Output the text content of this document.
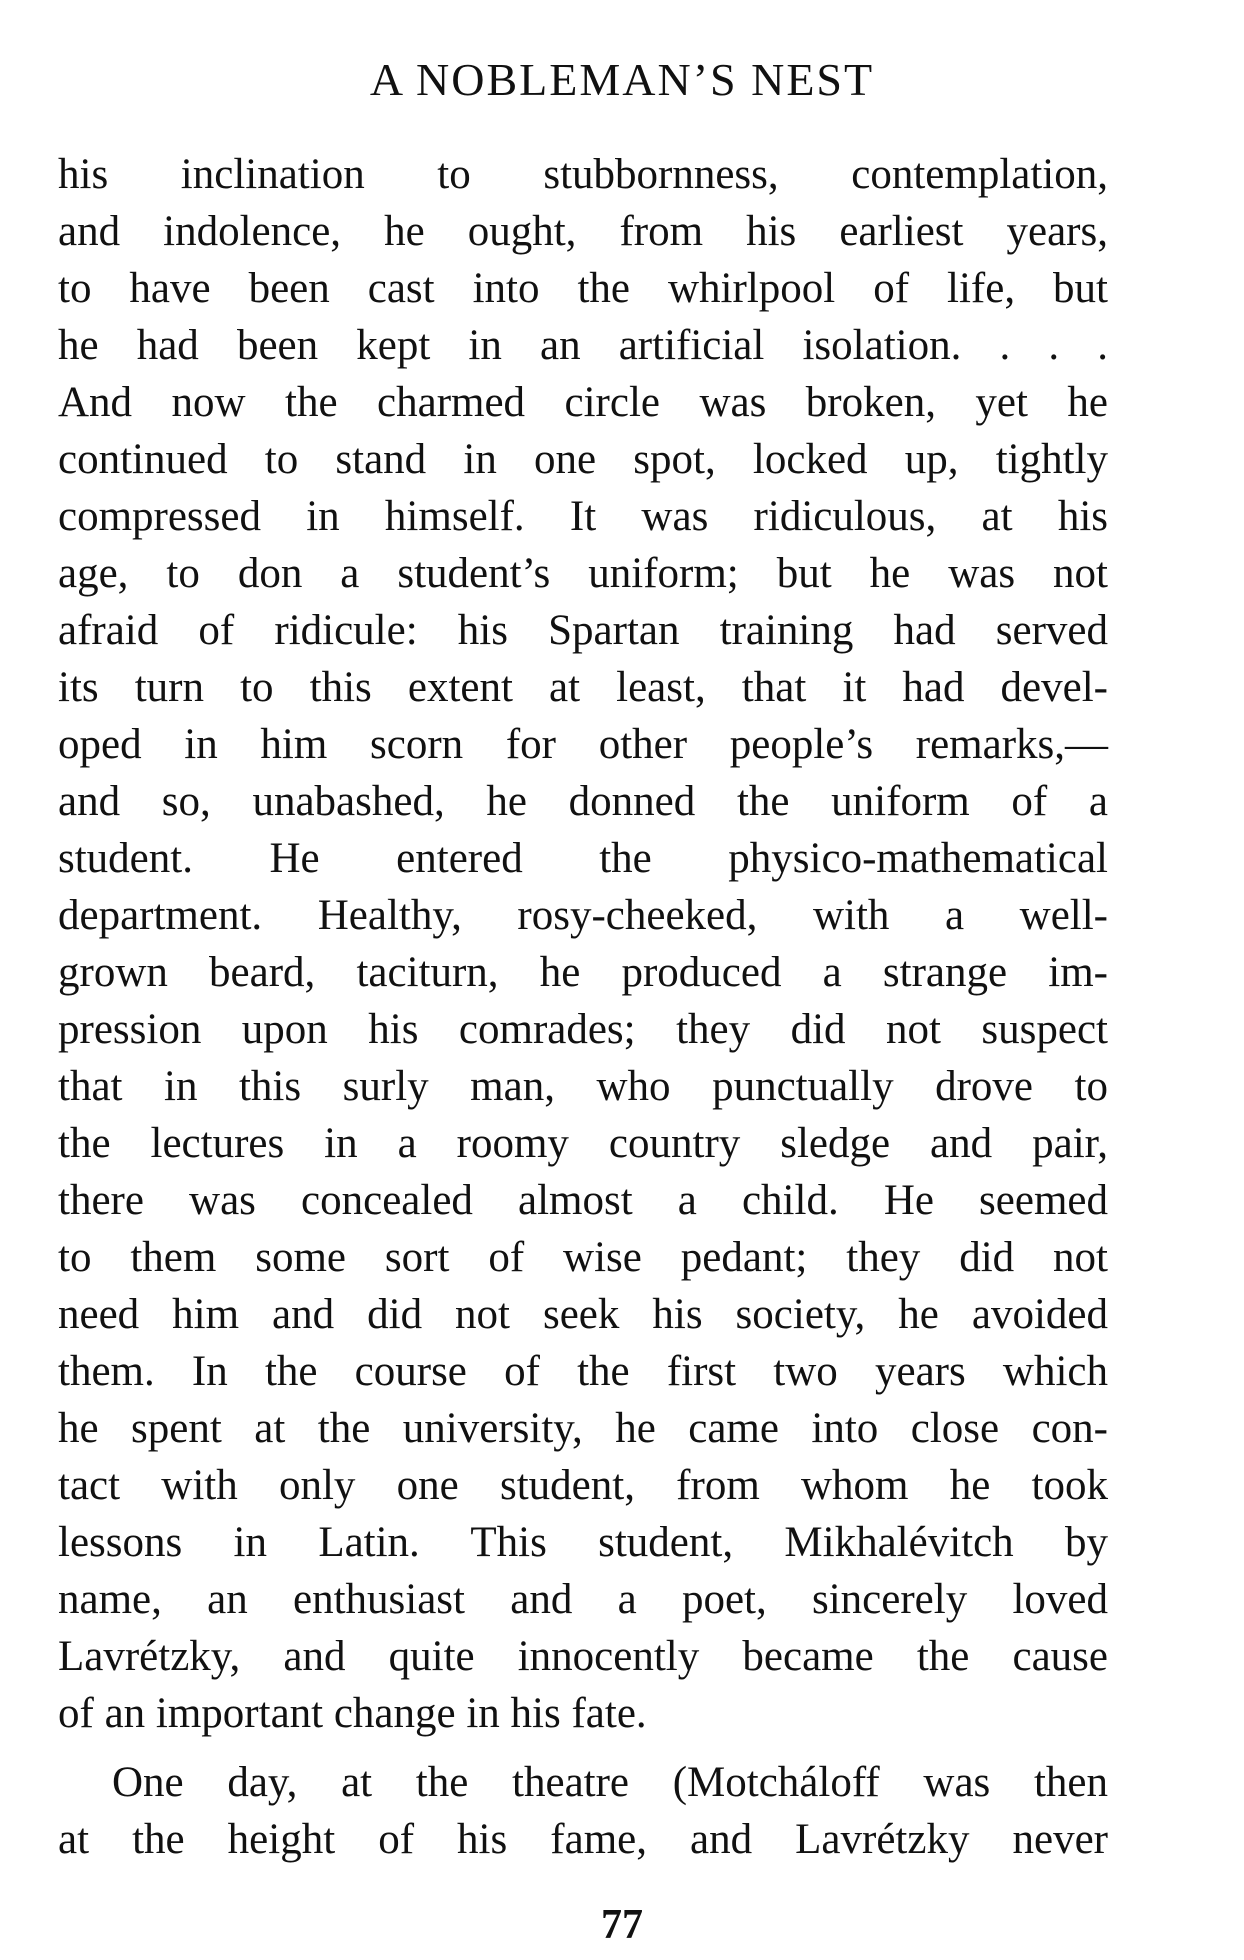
A NOBLEMAN’S NEST
his inclination to stubbornness, contemplation,
and indolence, he ought, from his earliest years,
to have been cast into the whirlpool of life, but
he had been kept in an artificial isolation. . . .
And now the charmed circle was broken, yet he
continued to stand in one spot, locked up, tightly
compressed in himself. It was ridiculous, at his
age, to don a student’s uniform; but he was not
afraid of ridicule: his Spartan training had served
its turn to this extent at least, that it had devel-
oped in him scorn for other people’s remarks,—
and so, unabashed, he donned the uniform of a
student. He entered the physico-mathematical
department. Healthy, rosy-cheeked, with a well-
grown beard, taciturn, he produced a strange im-
pression upon his comrades; they did not suspect
that in this surly man, who punctually drove to
the lectures in a roomy country sledge and pair,
there was concealed almost a child. He seemed
to them some sort of wise pedant; they did not
need him and did not seek his society, he avoided
them. In the course of the first two years which
he spent at the university, he came into close con-
tact with only one student, from whom he took
lessons in Latin. This student, Mikhalévitch by
name, an enthusiast and a poet, sincerely loved
Lavrétzky, and quite innocently became the cause
of an important change in his fate.
One day, at the theatre (Motcháloff was then
at the height of his fame, and Lavrétzky never
77
